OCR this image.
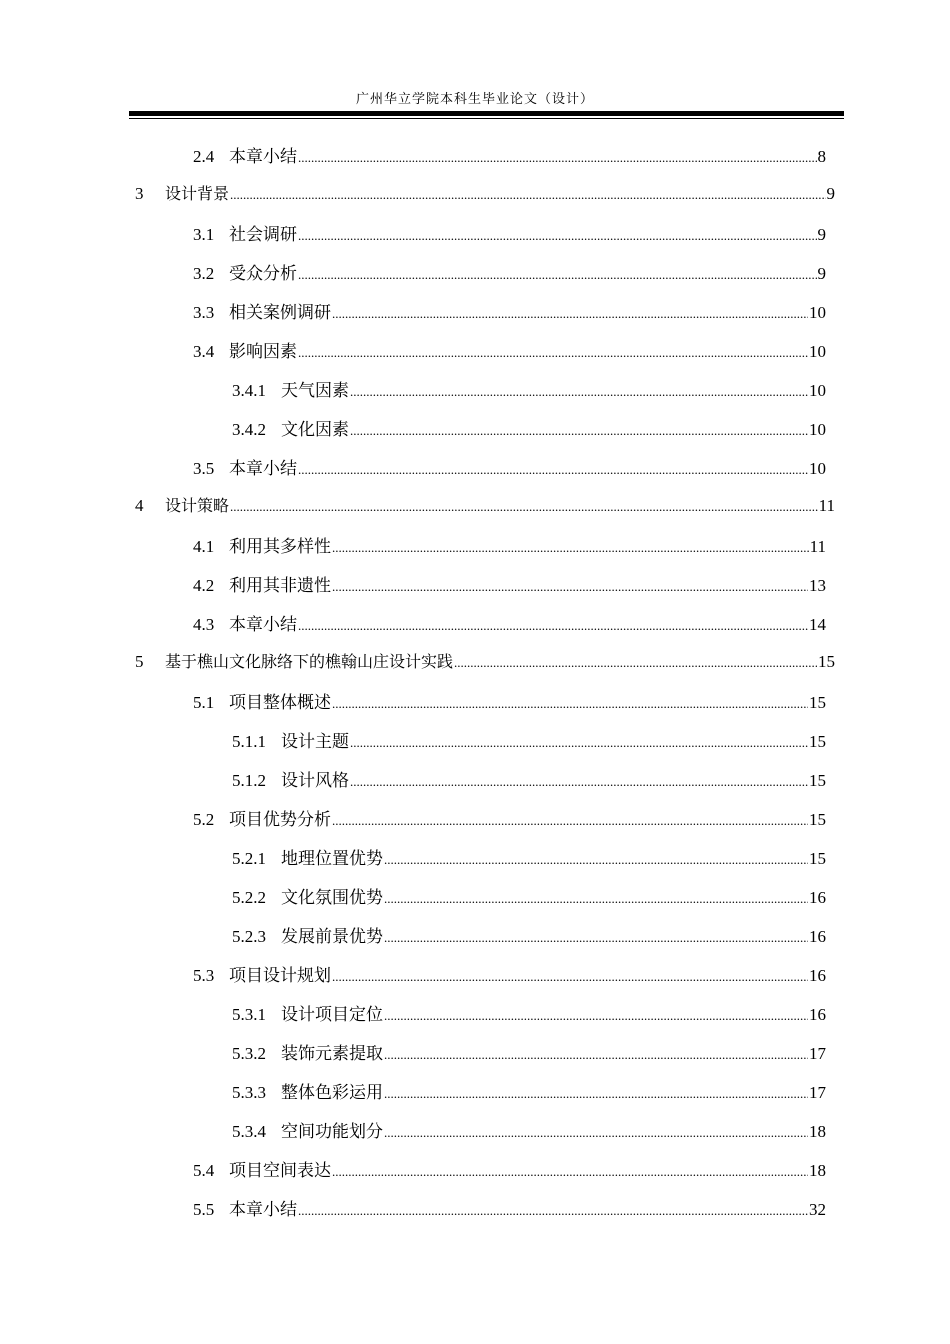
广州华立学院本科生毕业论文（设计）
2.4 本章小结 .....	8
3	设计背景 .....	9
3.1 社会调研 .....	9
3.2 受众分析 .....	9
3.3 相关案例调研 .....	10
3.4 影响因素 .....	10
3.4.1 天气因素 .....	10
3.4.2 文化因素 .....	10
3.5 本章小结 .....	10
4	设计策略 .....	11
4.1 利用其多样性 .....	11
4.2 利用其非遗性 .....	13
4.3 本章小结 .....	14
5	基于樵山文化脉络下的樵翰山庄设计实践 .....	15
5.1 项目整体概述 .....	15
5.1.1 设计主题 .....	15
5.1.2 设计风格 .....	15
5.2 项目优势分析 .....	15
5.2.1 地理位置优势 .....	15
5.2.2 文化氛围优势 .....	16
5.2.3 发展前景优势 .....	16
5.3 项目设计规划 .....	16
5.3.1 设计项目定位 .....	16
5.3.2 装饰元素提取 .....	17
5.3.3 整体色彩运用 .....	17
5.3.4 空间功能划分 .....	18
5.4 项目空间表达 .....	18
5.5 本章小结 .....	32
